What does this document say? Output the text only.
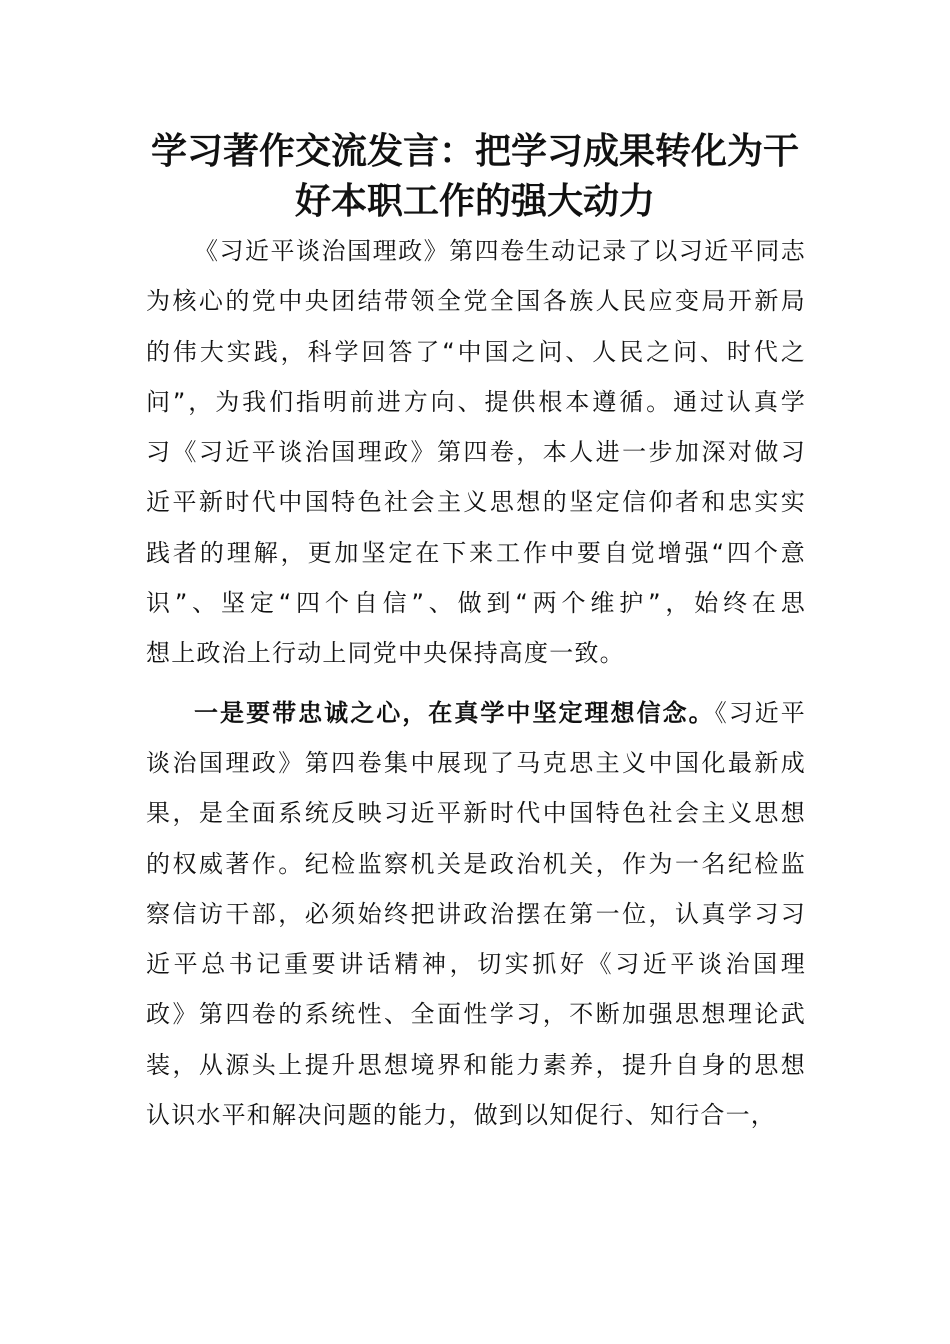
学习著作交流发言：把学习成果转化为干
好本职工作的强大动力
《习近平谈治国理政》第四卷生动记录了以习近平同志
为核心的党中央团结带领全党全国各族人民应变局开新局
的伟大实践，科学回答了“中国之问、人民之问、时代之
问”，为我们指明前进方向、提供根本遵循。通过认真学
习《习近平谈治国理政》第四卷，本人进一步加深对做习
近平新时代中国特色社会主义思想的坚定信仰者和忠实实
践者的理解，更加坚定在下来工作中要自觉增强“四个意
识”、坚定“四个自信”、做到“两个维护”，始终在思
想上政治上行动上同党中央保持高度一致。
一是要带忠诚之心，在真学中坚定理想信念。《习近平
谈治国理政》第四卷集中展现了马克思主义中国化最新成
果，是全面系统反映习近平新时代中国特色社会主义思想
的权威著作。纪检监察机关是政治机关，作为一名纪检监
察信访干部，必须始终把讲政治摆在第一位，认真学习习
近平总书记重要讲话精神，切实抓好《习近平谈治国理
政》第四卷的系统性、全面性学习，不断加强思想理论武
装，从源头上提升思想境界和能力素养，提升自身的思想
认识水平和解决问题的能力，做到以知促行、知行合一，
